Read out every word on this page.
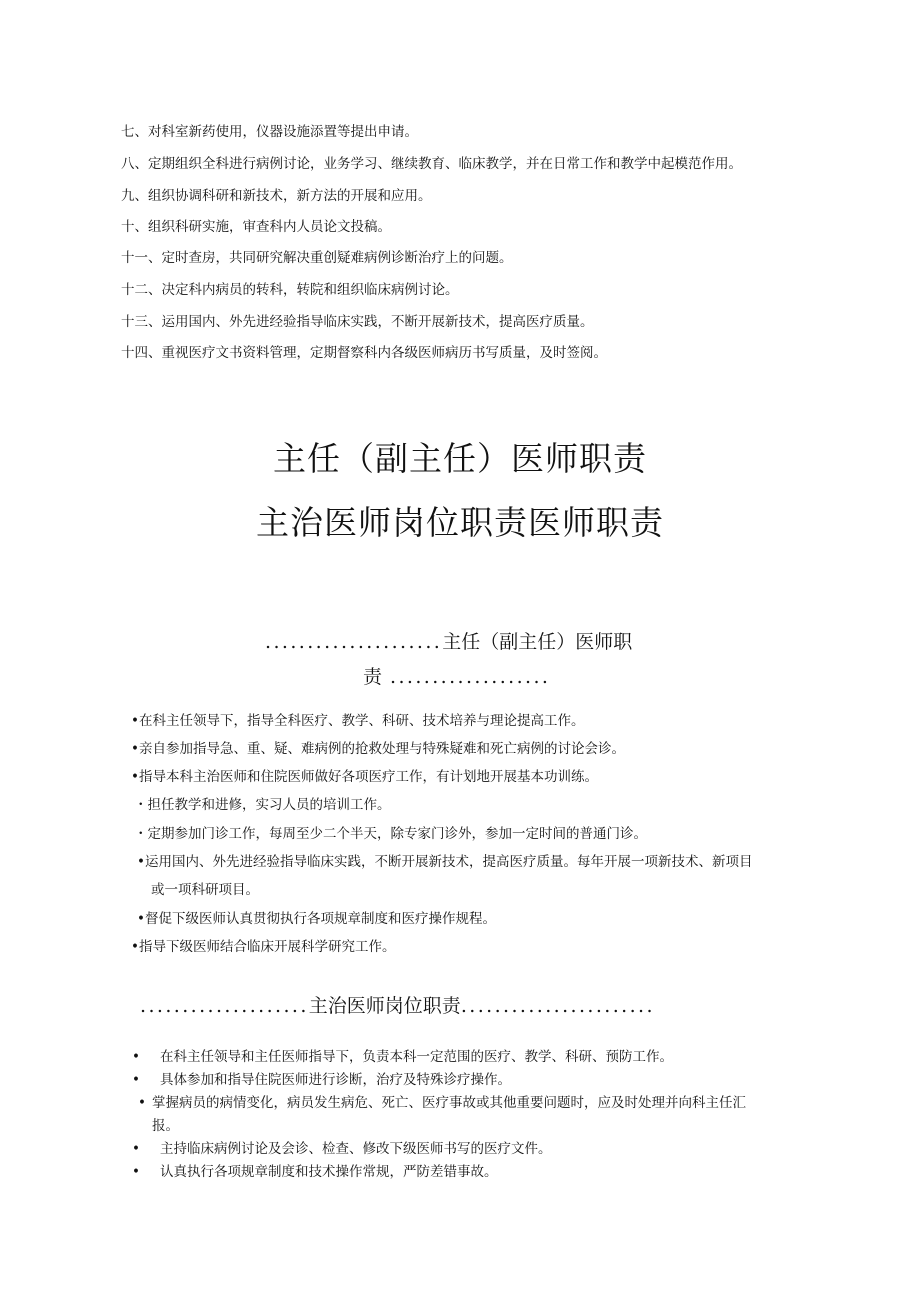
七、对科室新药使用，仪器设施添置等提出申请。
八、定期组织全科进行病例讨论，业务学习、继续教育、临床教学，并在日常工作和教学中起模范作用。
九、组织协调科研和新技术，新方法的开展和应用。
十、组织科研实施，审查科内人员论文投稿。
十一、定时查房，共同研究解决重创疑难病例诊断治疗上的问题。
十二、决定科内病员的转科，转院和组织临床病例讨论。
十三、运用国内、外先进经验指导临床实践，不断开展新技术，提高医疗质量。
十四、重视医疗文书资料管理，定期督察科内各级医师病历书写质量，及时签阅。
主任（副主任）医师职责
主治医师岗位职责医师职责
.....................主任（副主任）医师职
责 ...................
•在科主任领导下，指导全科医疗、教学、科研、技术培养与理论提高工作。
•亲自参加指导急、重、疑、难病例的抢救处理与特殊疑难和死亡病例的讨论会诊。
•指导本科主治医师和住院医师做好各项医疗工作，有计划地开展基本功训练。
・担任教学和进修，实习人员的培训工作。
・定期参加门诊工作，每周至少二个半天，除专家门诊外，参加一定时间的普通门诊。
•运用国内、外先进经验指导临床实践，不断开展新技术，提高医疗质量。每年开展一项新技术、新项目
或一项科研项目。
•督促下级医师认真贯彻执行各项规章制度和医疗操作规程。
•指导下级医师结合临床开展科学研究工作。
....................主治医师岗位职责.......................
• 在科主任领导和主任医师指导下，负责本科一定范围的医疗、教学、科研、预防工作。
• 具体参加和指导住院医师进行诊断，治疗及特殊诊疗操作。
• 掌握病员的病情变化，病员发生病危、死亡、医疗事故或其他重要问题时，应及时处理并向科主任汇
报。
• 主持临床病例讨论及会诊、检查、修改下级医师书写的医疗文件。
• 认真执行各项规章制度和技术操作常规，严防差错事故。
